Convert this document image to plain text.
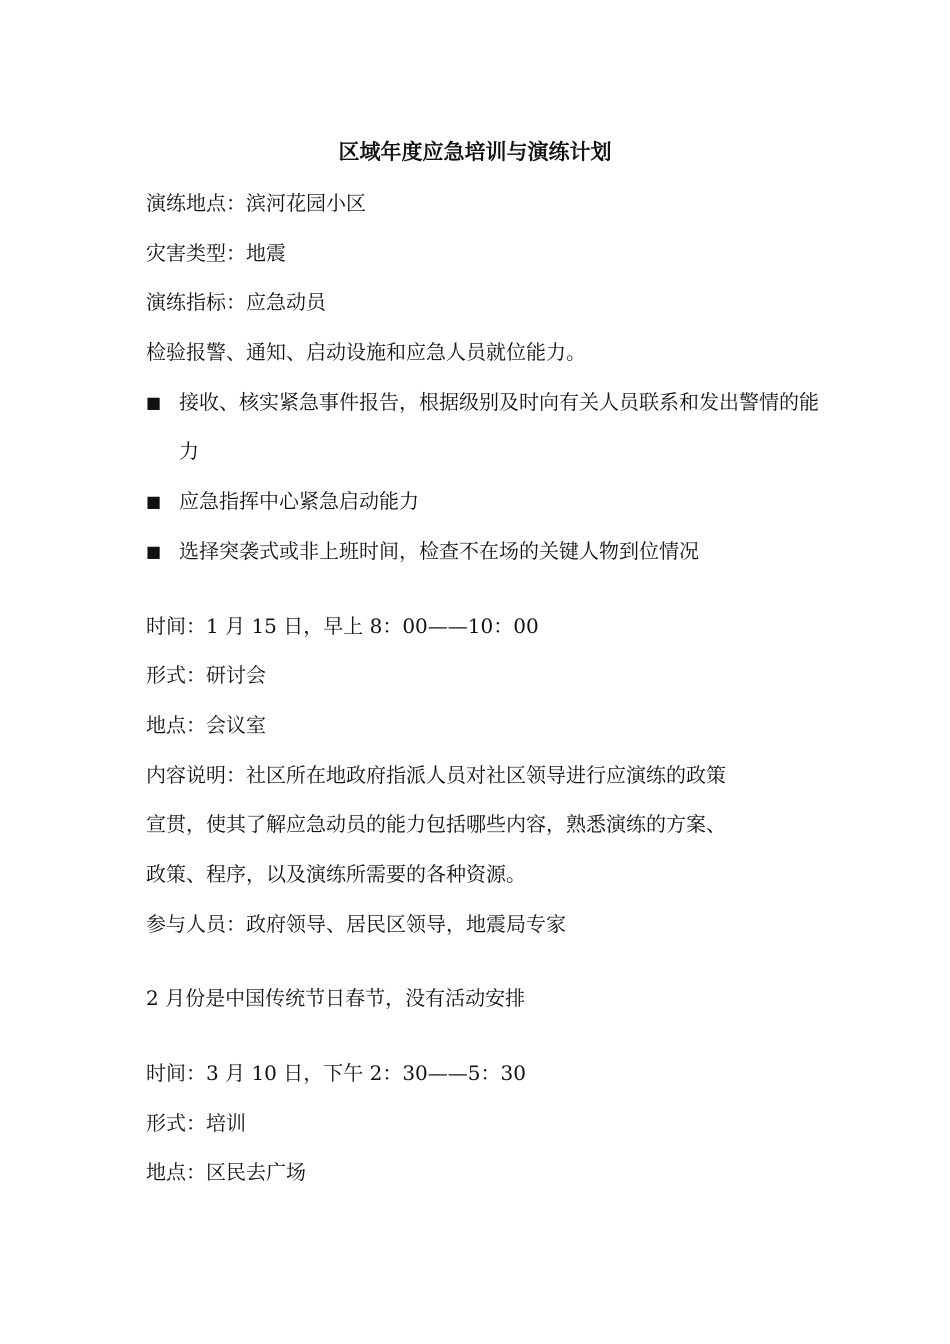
区域年度应急培训与演练计划
演练地点：滨河花园小区
灾害类型：地震
演练指标：应急动员
检验报警、通知、启动设施和应急人员就位能力。
■ 接收、核实紧急事件报告，根据级别及时向有关人员联系和发出警情的能力
■ 应急指挥中心紧急启动能力
■ 选择突袭式或非上班时间，检查不在场的关键人物到位情况
时间：1 月 15 日，早上 8：00——10：00
形式：研讨会
地点：会议室
内容说明：社区所在地政府指派人员对社区领导进行应演练的政策
宣贯，使其了解应急动员的能力包括哪些内容，熟悉演练的方案、
政策、程序，以及演练所需要的各种资源。
参与人员：政府领导、居民区领导，地震局专家
2 月份是中国传统节日春节，没有活动安排
时间：3 月 10 日，下午 2：30——5：30
形式：培训
地点：区民去广场
